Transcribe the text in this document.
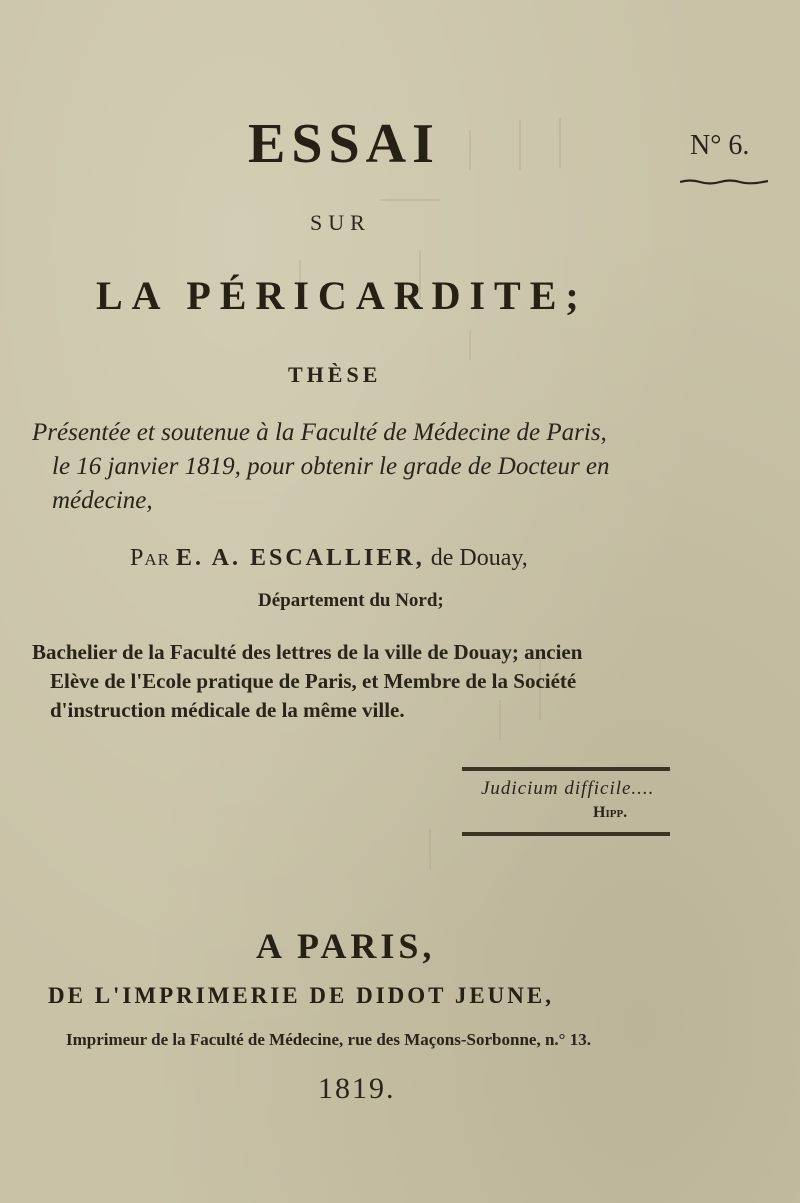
ESSAI	N° 6.
SUR
LA PÉRICARDITE;
THÈSE

Présentée et soutenue à la Faculté de Médecine de Paris,
le 16 janvier 1819, pour obtenir le grade de Docteur en
médecine,

Par E. A. ESCALLIER, de Douay,
Département du Nord;

Bachelier de la Faculté des lettres de la ville de Douay; ancien
Elève de l'Ecole pratique de Paris, et Membre de la Société
d'instruction médicale de la même ville.

Judicium difficile....
Hipp.
A PARIS,
DE L'IMPRIMERIE DE DIDOT JEUNE,
Imprimeur de la Faculté de Médecine, rue des Maçons-Sorbonne, n.° 13.
1819.
